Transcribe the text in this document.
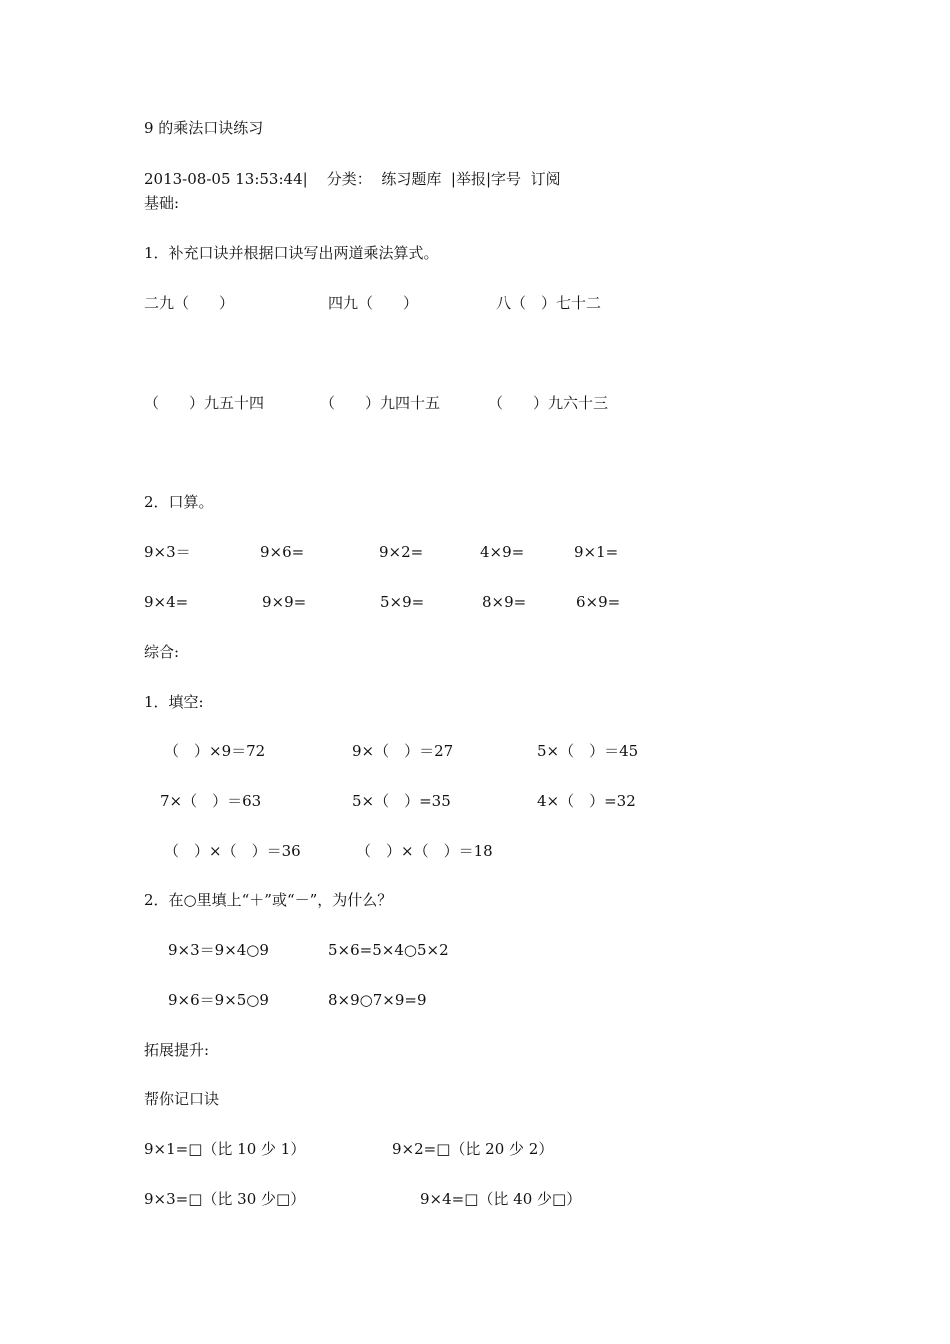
9 的乘法口诀练习
2013-08-05 13:53:44| 分类： 练习题库 |举报|字号 订阅
基础:
1．补充口诀并根据口诀写出两道乘法算式。
二九（　　）	四九（　　）	八（　）七十二
（　　）九五十四	（　　）九四十五	（　　）九六十三
2．口算。
9×3＝	9×6=	9×2=	4×9=	9×1=
9×4=	9×9=	5×9=	8×9=	6×9=
综合:
1．填空:
（　）×9＝72	9×（　）＝27	5×（　）＝45
7×（　）＝63	5×（　）=35	4×（　）=32
（　）×（　）＝36	（　）×（　）＝18
2．在○里填上“＋”或“－”，为什么？
9×3＝9×4○9	5×6=5×4○5×2
9×6＝9×5○9	8×9○7×9=9
拓展提升:
帮你记口诀
9×1=□（比 10 少 1）	9×2=□（比 20 少 2）
9×3=□（比 30 少□）	9×4=□（比 40 少□）
